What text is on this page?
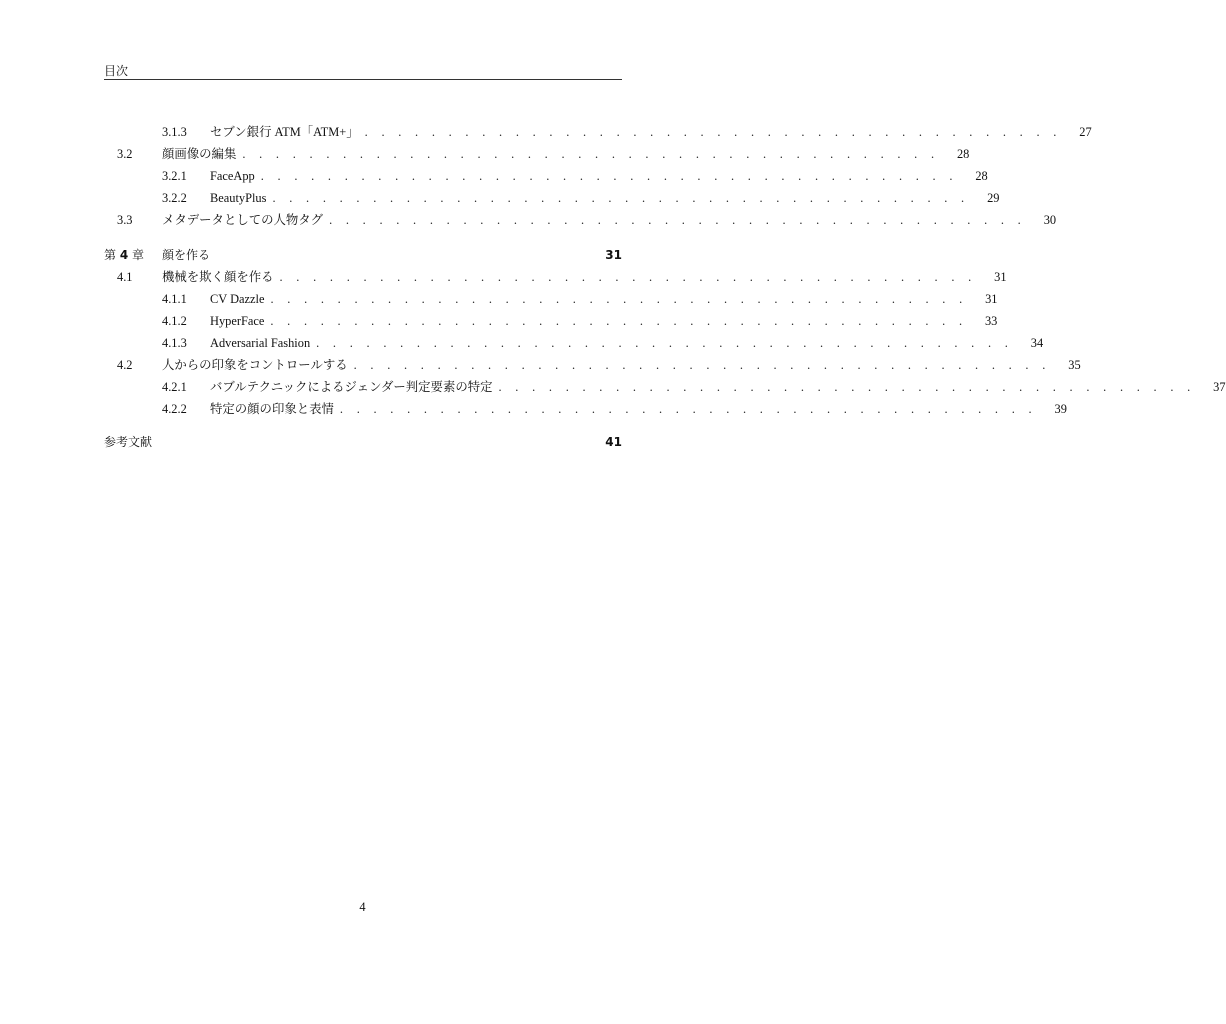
目次
3.1.3 セブン銀行 ATM「ATM+」 . . . . . . . . . . . . . . . . . . . . . . . . . . . . . . . . . . . . . . . . . .	27
3.2 顔画像の編集 . . . . . . . . . . . . . . . . . . . . . . . . . . . . . . . . . . . . . . . . . .	28
3.2.1 FaceApp . . . . . . . . . . . . . . . . . . . . . . . . . . . . . . . . . . . . . . . . . .	28
3.2.2 BeautyPlus . . . . . . . . . . . . . . . . . . . . . . . . . . . . . . . . . . . . . . . . . .	29
3.3 メタデータとしての人物タグ . . . . . . . . . . . . . . . . . . . . . . . . . . . . . . . . . . . . . . . . . .	30
第 4 章 顔を作る	31
4.1 機械を欺く顔を作る . . . . . . . . . . . . . . . . . . . . . . . . . . . . . . . . . . . . . . . . . .	31
4.1.1 CV Dazzle . . . . . . . . . . . . . . . . . . . . . . . . . . . . . . . . . . . . . . . . . .	31
4.1.2 HyperFace . . . . . . . . . . . . . . . . . . . . . . . . . . . . . . . . . . . . . . . . . .	33
4.1.3 Adversarial Fashion . . . . . . . . . . . . . . . . . . . . . . . . . . . . . . . . . . . . . . . . . .	34
4.2 人からの印象をコントロールする . . . . . . . . . . . . . . . . . . . . . . . . . . . . . . . . . . . . . . . . . .	35
4.2.1 バブルテクニックによるジェンダー判定要素の特定 . . . . . . . . . . . . . . . . . . . . . . . . . . . . . . . . . . . . . . . . . .	37
4.2.2 特定の顔の印象と表情 . . . . . . . . . . . . . . . . . . . . . . . . . . . . . . . . . . . . . . . . . .	39
参考文献	41
4
